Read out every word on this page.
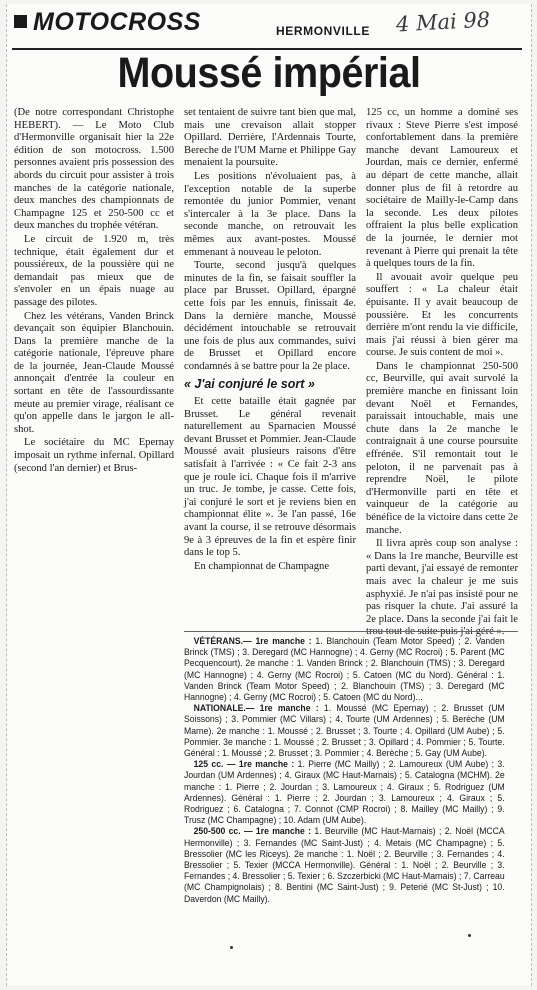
MOTOCROSS	HERMONVILLE 4 Mai 98
Moussé impérial

(De notre correspondant Christophe HEBERT). — Le Moto Club d'Hermonville organisait hier la 22e édition de son motocross. 1.500 personnes avaient pris possession des abords du circuit pour assister à trois manches de la catégorie nationale, deux manches des championnats de Champagne 125 et 250-500 cc et deux manches du trophée vétéran.

Le circuit de 1.920 m, très technique, était également dur et poussiéreux, de la poussière qui ne demandait pas mieux que de s'envoler en un épais nuage au passage des pilotes.

Chez les vétérans, Vanden Brinck devançait son équipier Blanchouin. Dans la première manche de la catégorie nationale, l'épreuve phare de la journée, Jean-Claude Moussé annonçait d'entrée la couleur en sortant en tête de l'assourdissante meute au premier virage, réalisant ce qu'on appelle dans le jargon le all-shot.

Le sociétaire du MC Epernay imposait un rythme infernal. Opillard (second l'an dernier) et Brus-

set tentaient de suivre tant bien que mal, mais une crevaison allait stopper Opillard. Derrière, l'Ardennais Tourte, Bereche de l'UM Marne et Philippe Gay menaient la poursuite.

Les positions n'évoluaient pas, à l'exception notable de la superbe remontée du junior Pommier, venant s'intercaler à la 3e place. Dans la seconde manche, on retrouvait les mêmes aux avant-postes. Moussé emmenant à nouveau le peloton.

Tourte, second jusqu'à quelques minutes de la fin, se faisait souffler la place par Brusset. Opillard, épargné cette fois par les ennuis, finissait 4e. Dans la dernière manche, Moussé décidément intouchable se retrouvait une fois de plus aux commandes, suivi de Brusset et Opillard encore condamnés à se battre pour la 2e place.

« J'ai conjuré le sort »

Et cette bataille était gagnée par Brusset. Le général revenait naturellement au Sparnacien Moussé devant Brusset et Pommier. Jean-Claude Moussé avait plusieurs raisons d'être satisfait à l'arrivée : « Ce fait 2-3 ans que je roule ici. Chaque fois il m'arrive un truc. Je tombe, je casse. Cette fois, j'ai conjuré le sort et je reviens bien en championnat élite ». 3e l'an passé, 16e avant la course, il se retrouve désormais 9e à 3 épreuves de la fin et espère finir dans le top 5.

En championnat de Champagne

125 cc, un homme a dominé ses rivaux : Steve Pierre s'est imposé confortablement dans la première manche devant Lamoureux et Jourdan, mais ce dernier, enfermé au départ de cette manche, allait donner plus de fil à retordre au sociétaire de Mailly-le-Camp dans la seconde. Les deux pilotes offraient la plus belle explication de la journée, le dernier mot revenant à Pierre qui prenait la tête à quelques tours de la fin.

Il avouait avoir quelque peu souffert : « La chaleur était épuisante. Il y avait beaucoup de poussière. Et les concurrents derrière m'ont rendu la vie difficile, mais j'ai réussi à bien gérer ma course. Je suis content de moi ».

Dans le championnat 250-500 cc, Beurville, qui avait survolé la première manche en finissant loin devant Noël et Fernandes, paraissait intouchable, mais une chute dans la 2e manche le contraignait à une course poursuite effrénée. S'il remontait tout le peloton, il ne parvenait pas à reprendre Noël, le pilote d'Hermonville parti en tête et vainqueur de la catégorie au bénéfice de la victoire dans cette 2e manche.

Il livra après coup son analyse : « Dans la 1re manche, Beurville est parti devant, j'ai essayé de remonter mais avec la chaleur je me suis asphyxié. Je n'ai pas insisté pour ne pas risquer la chute. J'ai assuré la 2e place. Dans la seconde j'ai fait le

VÉTÉRANS.— 1re manche : 1. Blanchouin (Team Motor Speed) ; 2. Vanden Brinck (TMS) ; 3. Deregard (MC Hannogne) ; 4. Gerny (MC Rocroi) ; 5. Parent (MC Pecquencourt). 2e manche : 1. Vanden Brinck ; 2. Blanchouin (TMS) ; 3. Deregard (MC Hannogne) ; 4. Gerny (MC Rocroi) ; 5. Catoen (MC du Nord). Général : 1. Vanden Brinck (Team Motor Speed) ; 2. Blanchouin (TMS) ; 3. Deregard (MC Hannogne) ; 4. Gerny (MC Rocroi) ; 5. Catoen (MC du Nord)...

NATIONALE.— 1re manche : 1. Moussé (MC Epernay) ; 2. Brusset (UM Soissons) ; 3. Pommier (MC Villars) ; 4. Tourte (UM Ardennes) ; 5. Berèche (UM Marne). 2e manche : 1. Moussé ; 2. Brusset ; 3. Tourte ; 4. Opillard (UM Aube) ; 5. Pommier. 3e manche : 1. Moussé ; 2. Brusset ; 3. Opillard ; 4. Pommier ; 5. Tourte. Général : 1. Moussé ; 2. Brusset ; 3. Pommier ; 4. Berèche ; 5. Gay (UM Aube).

125 cc. — 1re manche : 1. Pierre (MC Mailly) ; 2. Lamoureux (UM Aube) ; 3. Jourdan (UM Ardennes) ; 4. Giraux (MC Haut-Marnais) ; 5. Catalogna (MCHM). 2e manche : 1. Pierre ; 2. Jourdan ; 3. Lamoureux ; 4. Giraux ; 5. Rodriguez (UM Ardennes). Général : 1. Pierre ; 2. Jourdan ; 3. Lamoureux ; 4. Giraux ; 5. Rodriguez ; 6. Catalogna ; 7. Connot (CMP Rocroi) ; 8. Mailley (MC Mailly) ; 9. Trusz (MC Champagne) ; 10. Adam (UM Aube).

250-500 cc. — 1re manche : 1. Beurville (MC Haut-Marnais) ; 2. Noël (MCCA Hermonville) ; 3. Fernandes (MC Saint-Just) ; 4. Metais (MC Champagne) ; 5. Bressolier (MC les Riceys). 2e manche : 1. Noël ; 2. Beurville ; 3. Fernandes ; 4. Bressolier ; 5. Texier (MCCA Hermonville). Général : 1. Noël ; 2. Beurville ; 3. Fernandes ; 4. Bressolier ; 5. Texier ; 6. Szczerbicki (MC Haut-Marnais) ; 7. Carreau (MC Champignolais) ; 8. Bentini (MC Saint-Just) ; 9. Peterié (MC St-Just) ; 10. Daverdon (MC Mailly).
